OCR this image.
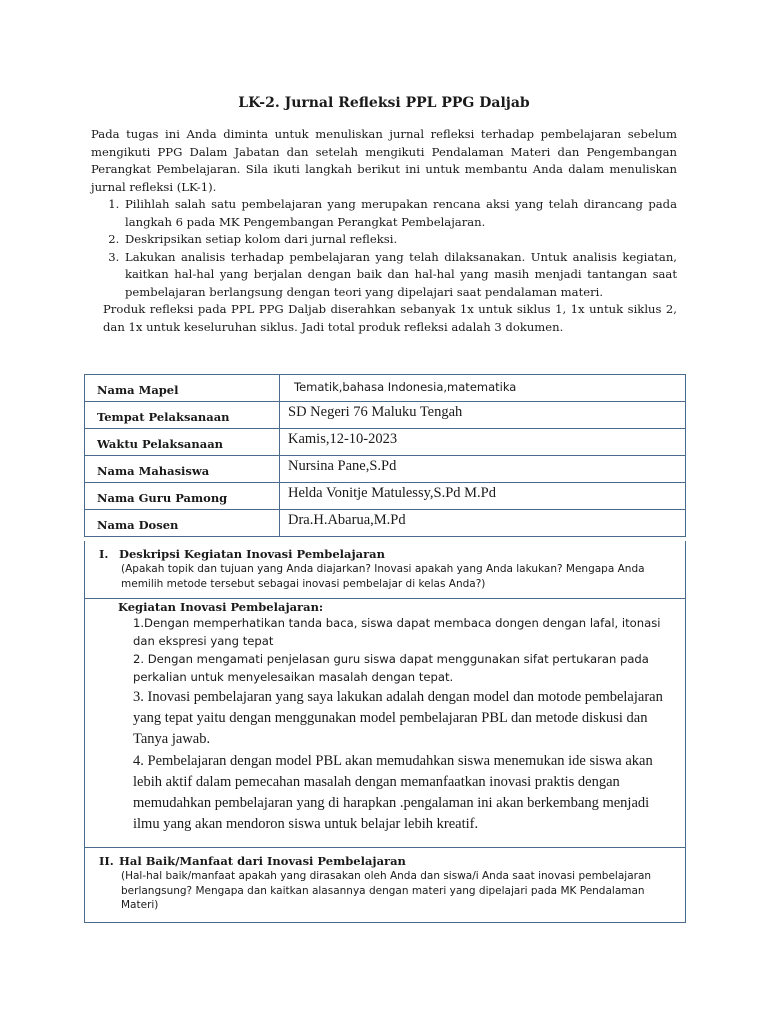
LK-2. Jurnal Refleksi PPL PPG Daljab

Pada tugas ini Anda diminta untuk menuliskan jurnal refleksi terhadap pembelajaran sebelum mengikuti PPG Dalam Jabatan dan setelah mengikuti Pendalaman Materi dan Pengembangan Perangkat Pembelajaran. Sila ikuti langkah berikut ini untuk membantu Anda dalam menuliskan jurnal refleksi (LK-1).

1. Pilihlah salah satu pembelajaran yang merupakan rencana aksi yang telah dirancang pada langkah 6 pada MK Pengembangan Perangkat Pembelajaran.
2. Deskripsikan setiap kolom dari jurnal refleksi.
3. Lakukan analisis terhadap pembelajaran yang telah dilaksanakan. Untuk analisis kegiatan, kaitkan hal-hal yang berjalan dengan baik dan hal-hal yang masih menjadi tantangan saat pembelajaran berlangsung dengan teori yang dipelajari saat pendalaman materi.

Produk refleksi pada PPL PPG Daljab diserahkan sebanyak 1x untuk siklus 1, 1x untuk siklus 2, dan 1x untuk keseluruhan siklus. Jadi total produk refleksi adalah 3 dokumen.

Nama Mapel	Tematik,bahasa Indonesia,matematika
Tempat Pelaksanaan	SD Negeri 76 Maluku Tengah
Waktu Pelaksanaan	Kamis,12-10-2023
Nama Mahasiswa	Nursina Pane,S.Pd
Nama Guru Pamong	Helda Vonitje Matulessy,S.Pd M.Pd
Nama Dosen	Dra.H.Abarua,M.Pd
I. Deskripsi Kegiatan Inovasi Pembelajaran
(Apakah topik dan tujuan yang Anda diajarkan? Inovasi apakah yang Anda lakukan? Mengapa Anda memilih metode tersebut sebagai inovasi pembelajar di kelas Anda?)
Kegiatan Inovasi Pembelajaran:
1.Dengan memperhatikan tanda baca, siswa dapat membaca dongen dengan lafal, itonasi dan ekspresi yang tepat
2. Dengan mengamati penjelasan guru siswa dapat menggunakan sifat pertukaran pada perkalian untuk menyelesaikan masalah dengan tepat.
3. Inovasi pembelajaran yang saya lakukan adalah dengan model dan motode pembelajaran yang tepat yaitu dengan menggunakan model pembelajaran PBL dan metode diskusi dan Tanya jawab.
4. Pembelajaran dengan model PBL akan memudahkan siswa menemukan ide siswa akan lebih aktif dalam pemecahan masalah dengan memanfaatkan inovasi praktis dengan memudahkan pembelajaran yang di harapkan .pengalaman ini akan berkembang menjadi ilmu yang akan mendoron siswa untuk belajar lebih kreatif.
II. Hal Baik/Manfaat dari Inovasi Pembelajaran
(Hal-hal baik/manfaat apakah yang dirasakan oleh Anda dan siswa/i Anda saat inovasi pembelajaran berlangsung? Mengapa dan kaitkan alasannya dengan materi yang dipelajari pada MK Pendalaman Materi)
